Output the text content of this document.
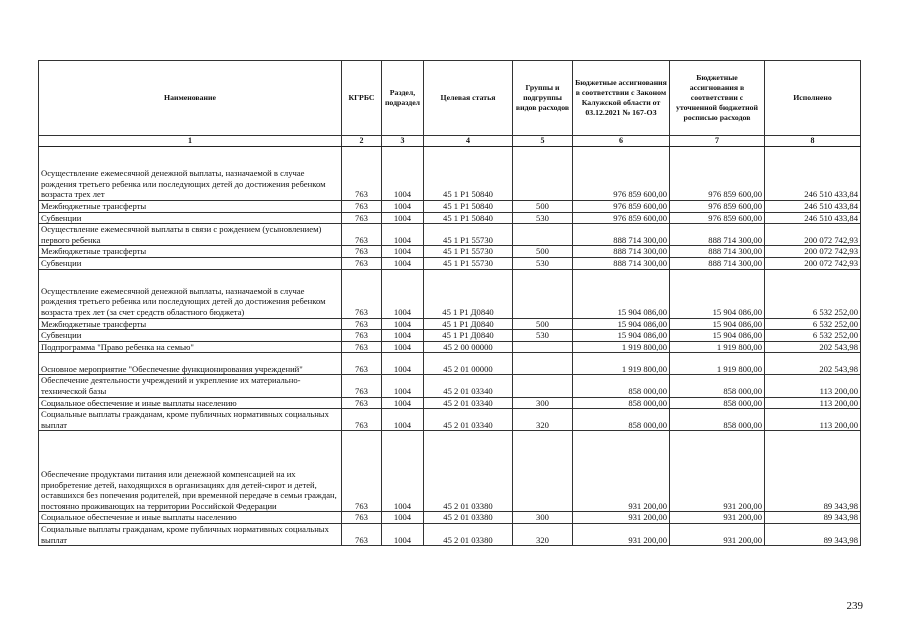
Наименование	КГРБС	Раздел, подраздел	Целевая статья	Группы и подгруппы видов расходов	Бюджетные ассигнования в соответствии с Законом Калужской области от 03.12.2021 № 167-ОЗ	Бюджетные ассигнования в соответствии с уточненной бюджетной росписью расходов	Исполнено
1	2	3	4	5	6	7	8
Осуществление ежемесячной денежной выплаты, назначаемой в случае рождения третьего ребенка или последующих детей до достижения ребенком возраста трех лет	763	1004	45 1 P1 50840		976 859 600,00	976 859 600,00	246 510 433,84
Межбюджетные трансферты	763	1004	45 1 P1 50840	500	976 859 600,00	976 859 600,00	246 510 433,84
Субвенции	763	1004	45 1 P1 50840	530	976 859 600,00	976 859 600,00	246 510 433,84
Осуществление ежемесячной выплаты в связи с рождением (усыновлением) первого ребенка	763	1004	45 1 P1 55730		888 714 300,00	888 714 300,00	200 072 742,93
Межбюджетные трансферты	763	1004	45 1 P1 55730	500	888 714 300,00	888 714 300,00	200 072 742,93
Субвенции	763	1004	45 1 P1 55730	530	888 714 300,00	888 714 300,00	200 072 742,93
Осуществление ежемесячной денежной выплаты, назначаемой в случае рождения третьего ребенка или последующих детей до достижения ребенком возраста трех лет (за счет средств областного бюджета)	763	1004	45 1 P1 Д0840		15 904 086,00	15 904 086,00	6 532 252,00
Межбюджетные трансферты	763	1004	45 1 P1 Д0840	500	15 904 086,00	15 904 086,00	6 532 252,00
Субвенции	763	1004	45 1 P1 Д0840	530	15 904 086,00	15 904 086,00	6 532 252,00
Подпрограмма "Право ребенка на семью"	763	1004	45 2 00 00000		1 919 800,00	1 919 800,00	202 543,98
Основное мероприятие "Обеспечение функционирования учреждений"	763	1004	45 2 01 00000		1 919 800,00	1 919 800,00	202 543,98
Обеспечение деятельности учреждений и укрепление их материально-технической базы	763	1004	45 2 01 03340		858 000,00	858 000,00	113 200,00
Социальное обеспечение и иные выплаты населению	763	1004	45 2 01 03340	300	858 000,00	858 000,00	113 200,00
Социальные выплаты гражданам, кроме публичных нормативных социальных выплат	763	1004	45 2 01 03340	320	858 000,00	858 000,00	113 200,00
Обеспечение продуктами питания или денежной компенсацией на их приобретение детей, находящихся в организациях для детей-сирот и детей, оставшихся без попечения родителей, при временной передаче в семьи граждан, постоянно проживающих на территории Российской Федерации	763	1004	45 2 01 03380		931 200,00	931 200,00	89 343,98
Социальное обеспечение и иные выплаты населению	763	1004	45 2 01 03380	300	931 200,00	931 200,00	89 343,98
Социальные выплаты гражданам, кроме публичных нормативных социальных выплат	763	1004	45 2 01 03380	320	931 200,00	931 200,00	89 343,98
239
